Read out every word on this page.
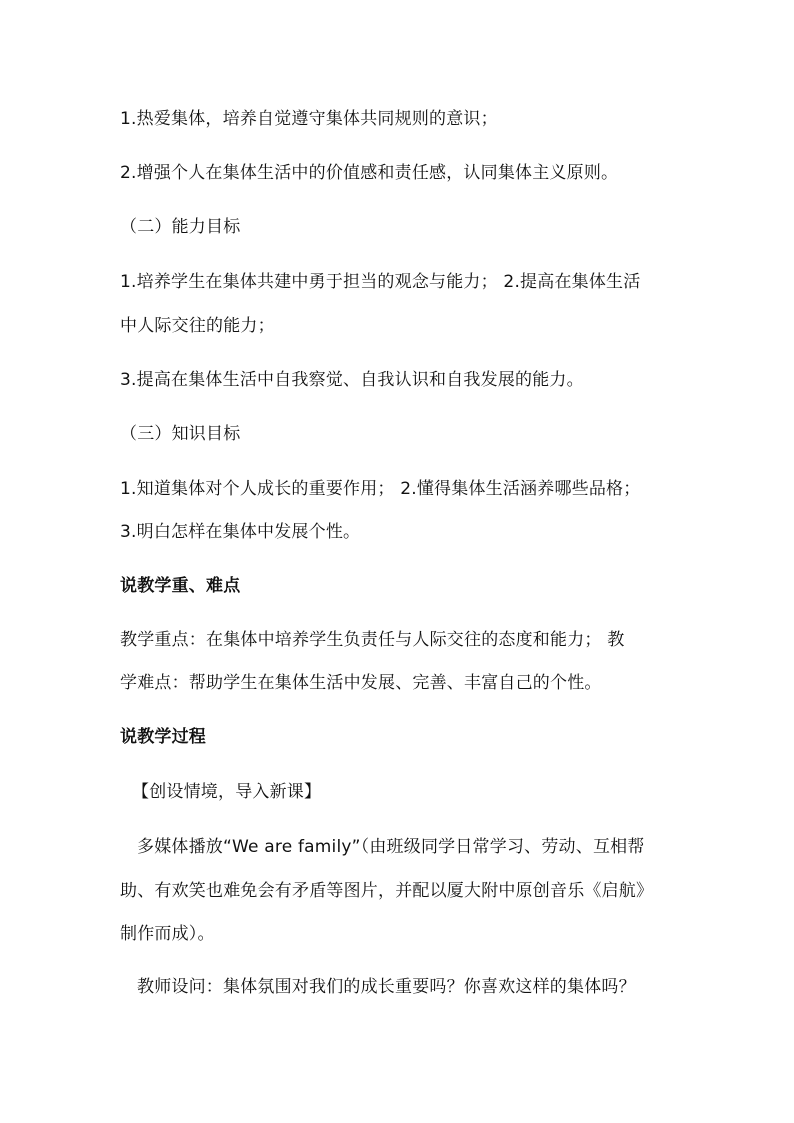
1.热爱集体，培养自觉遵守集体共同规则的意识；
2.增强个人在集体生活中的价值感和责任感，认同集体主义原则。
（二）能力目标
1.培养学生在集体共建中勇于担当的观念与能力； 2.提高在集体生活
中人际交往的能力；
3.提高在集体生活中自我察觉、自我认识和自我发展的能力。
（三）知识目标
1.知道集体对个人成长的重要作用； 2.懂得集体生活涵养哪些品格；
3.明白怎样在集体中发展个性。
说教学重、难点
教学重点：在集体中培养学生负责任与人际交往的态度和能力； 教
学难点：帮助学生在集体生活中发展、完善、丰富自己的个性。
说教学过程
【创设情境，导入新课】
多媒体播放“We are family”（由班级同学日常学习、劳动、互相帮
助、有欢笑也难免会有矛盾等图片，并配以厦大附中原创音乐《启航》
制作而成）。
教师设问：集体氛围对我们的成长重要吗？你喜欢这样的集体吗？
